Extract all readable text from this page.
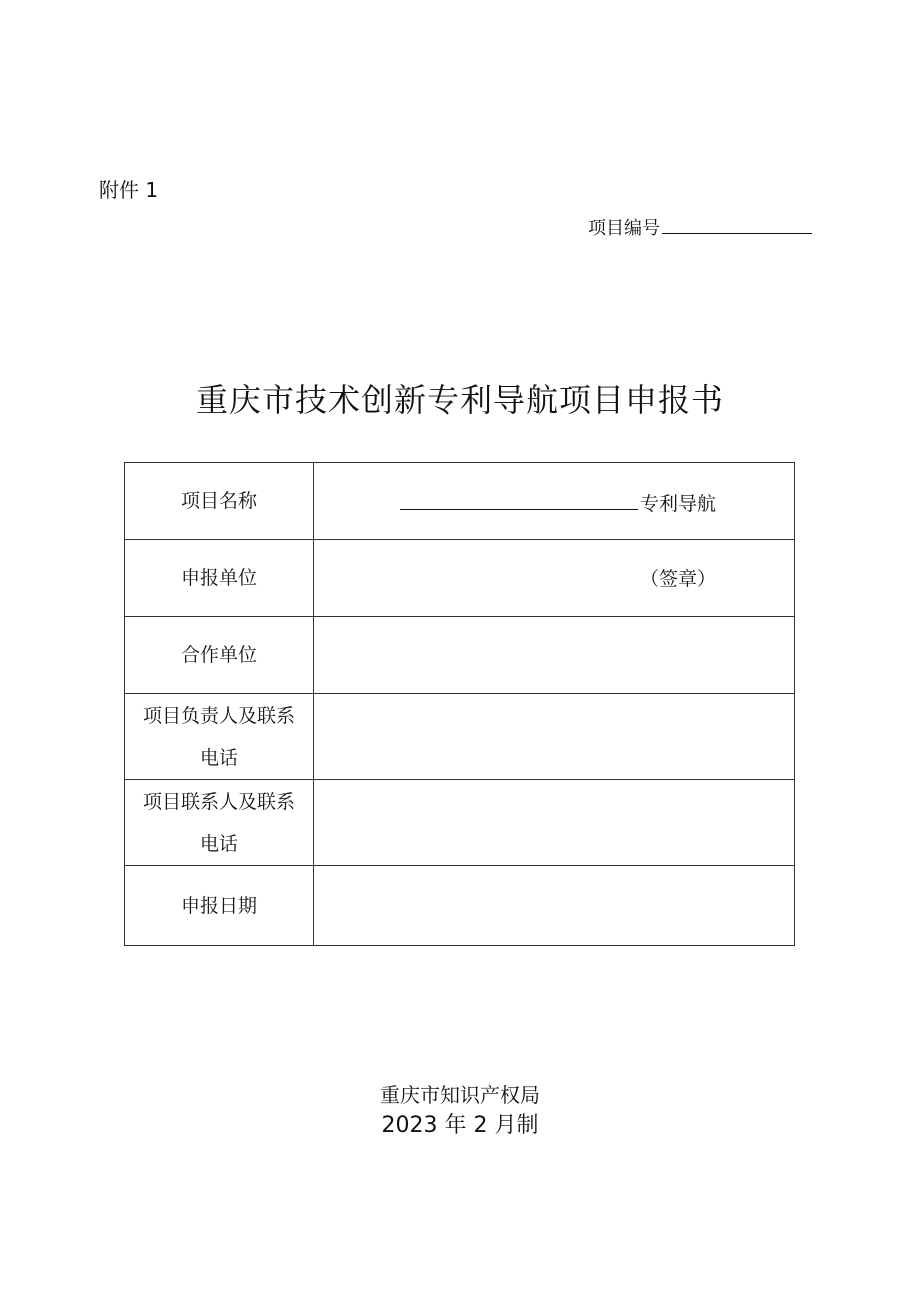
附件 1
项目编号
重庆市技术创新专利导航项目申报书
项目名称	专利导航

申报单位	（签章）

合作单位	

项目负责人及联系
电话	

项目联系人及联系
电话	

申报日期	
重庆市知识产权局
2023 年 2 月制
